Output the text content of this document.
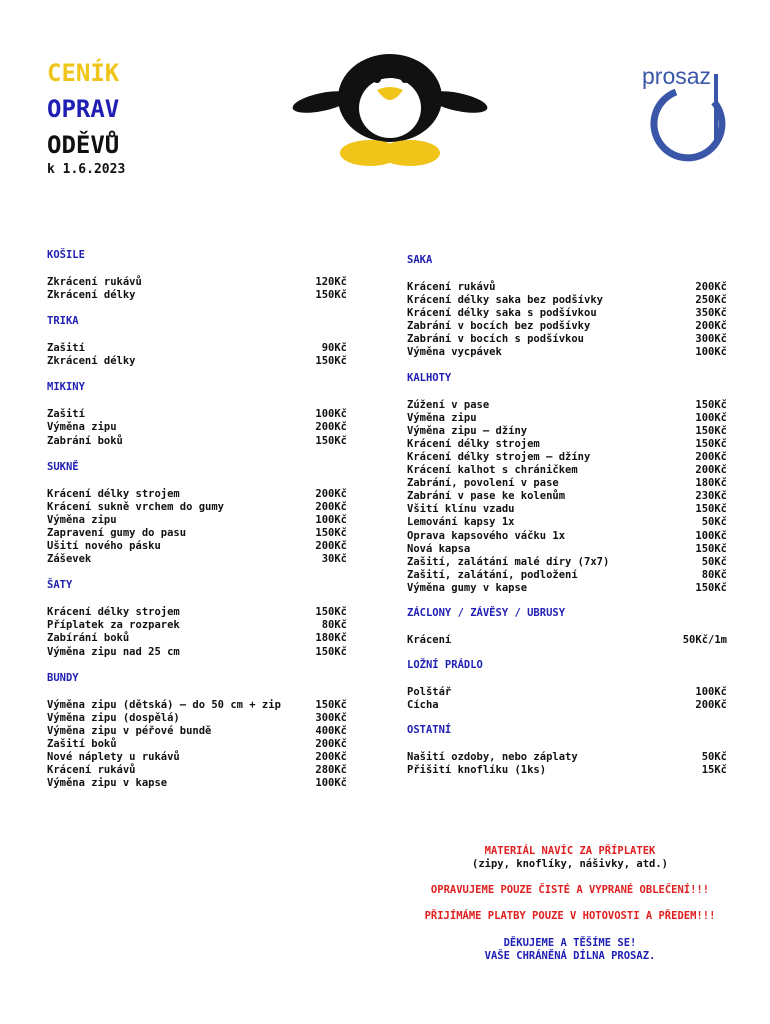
CENÍK
OPRAV
ODĚVŮ
k 1.6.2023
prosaz
KOŠILE
Zkrácení rukávů	120Kč
Zkrácení délky	150Kč
TRIKA
Zašití	90Kč
Zkrácení délky	150Kč
MIKINY
Zašití	100Kč
Výměna zipu	200Kč
Zabrání boků	150Kč
SUKNĚ
Krácení délky strojem	200Kč
Krácení sukně vrchem do gumy	200Kč
Výměna zipu	100Kč
Zapravení gumy do pasu	150Kč
Ušití nového pásku	200Kč
Záševek	30Kč
ŠATY
Krácení délky strojem	150Kč
Příplatek za rozparek	80Kč
Zabírání boků	180Kč
Výměna zipu nad 25 cm	150Kč
BUNDY
Výměna zipu (dětská) – do 50 cm + zip	150Kč
Výměna zipu (dospělá)	300Kč
Výměna zipu v péřové bundě	400Kč
Zašití boků	200Kč
Nové náplety u rukávů	200Kč
Krácení rukávů	280Kč
Výměna zipu v kapse	100Kč
SAKA
Krácení rukávů	200Kč
Krácení délky saka bez podšívky	250Kč
Krácení délky saka s podšívkou	350Kč
Zabrání v bocích bez podšívky	200Kč
Zabrání v bocích s podšívkou	300Kč
Výměna vycpávek	100Kč
KALHOTY
Zúžení v pase	150Kč
Výměna zipu	100Kč
Výměna zipu – džíny	150Kč
Krácení délky strojem	150Kč
Krácení délky strojem – džíny	200Kč
Krácení kalhot s chráničkem	200Kč
Zabrání, povolení v pase	180Kč
Zabrání v pase ke kolenům	230Kč
Všití klínu vzadu	150Kč
Lemování kapsy 1x	50Kč
Oprava kapsového váčku 1x	100Kč
Nová kapsa	150Kč
Zašití, zalátání malé díry (7x7)	50Kč
Zašití, zalátání, podložení	80Kč
Výměna gumy v kapse	150Kč
ZÁCLONY / ZÁVĚSY / UBRUSY
Krácení	50Kč/1m
LOŽNÍ PRÁDLO
Polštář	100Kč
Cícha	200Kč
OSTATNÍ
Našití ozdoby, nebo záplaty	50Kč
Přišití knoflíku (1ks)	15Kč
MATERIÁL NAVÍC ZA PŘÍPLATEK
(zipy, knoflíky, nášivky, atd.)
OPRAVUJEME POUZE ČISTÉ A VYPRANÉ OBLEČENÍ!!!
PŘIJÍMÁME PLATBY POUZE V HOTOVOSTI A PŘEDEM!!!
DĚKUJEME A TĚŠÍME SE!
VAŠE CHRÁNĚNÁ DÍLNA PROSAZ.
